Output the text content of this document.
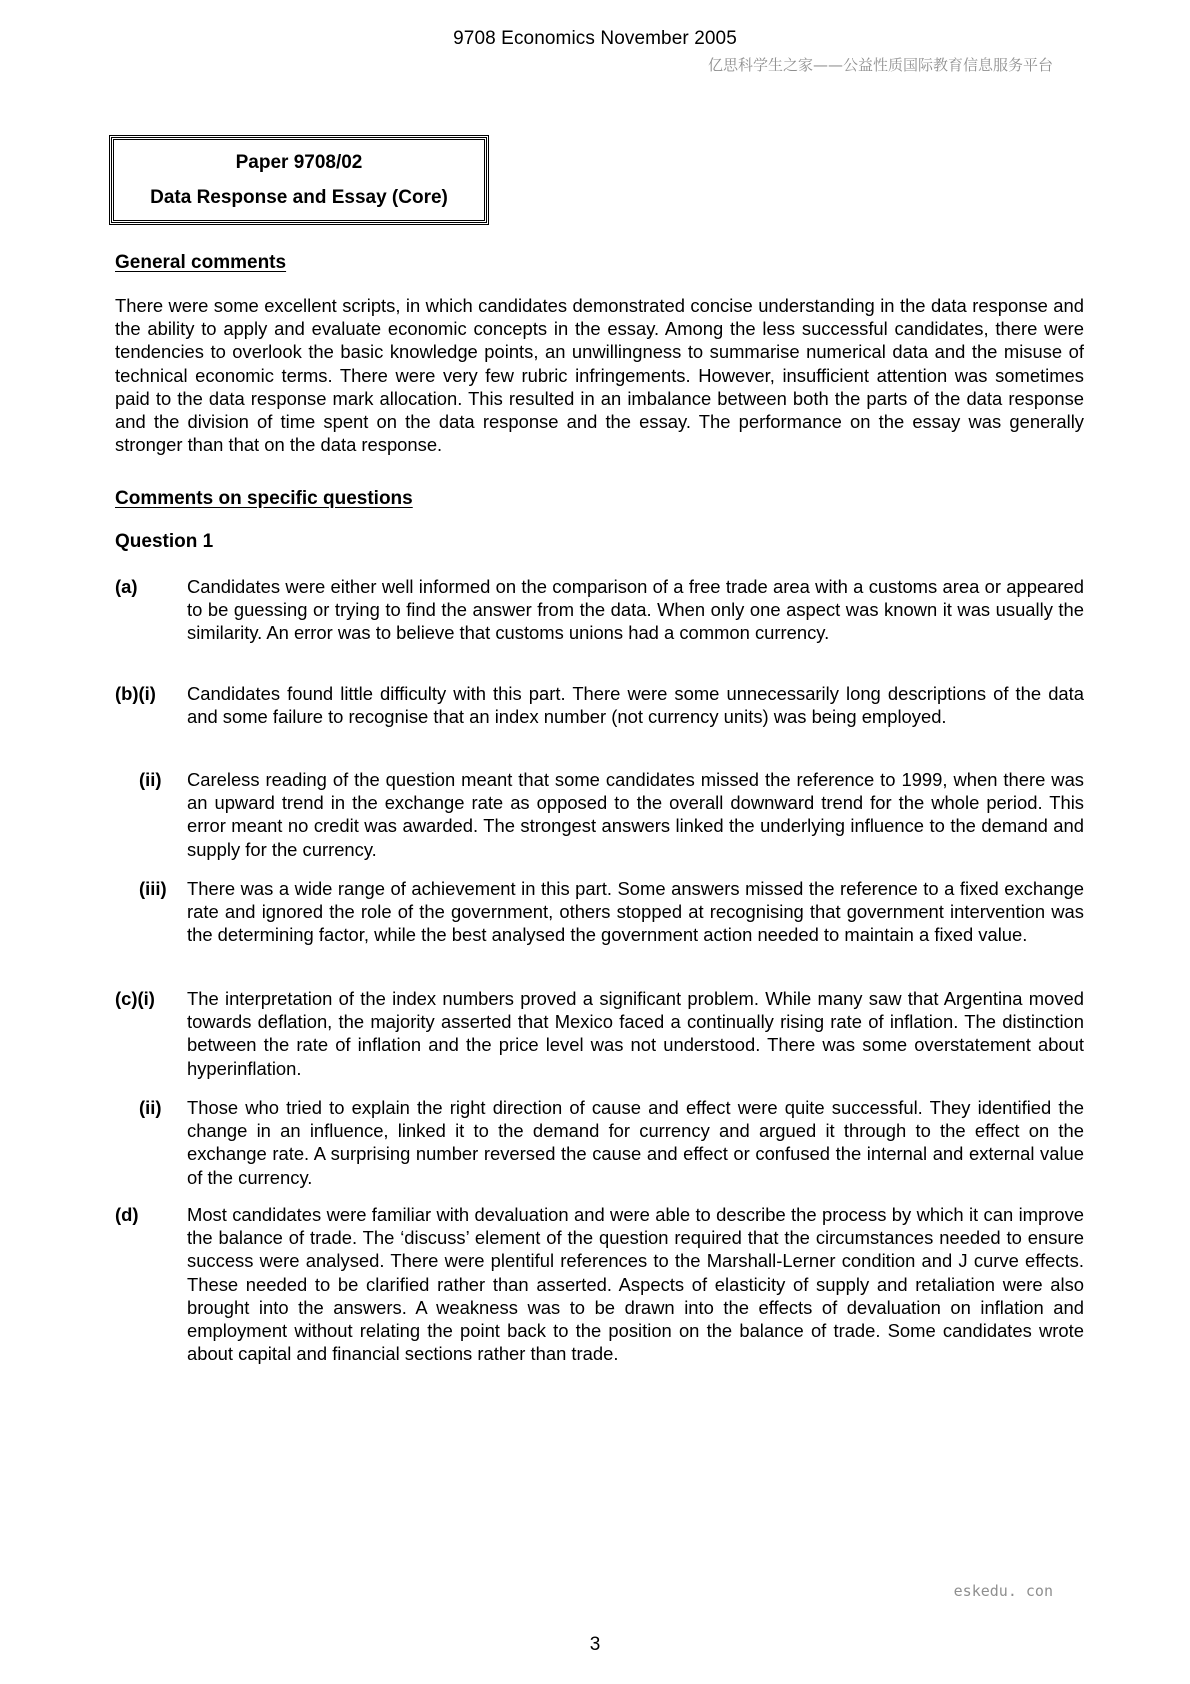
9708 Economics November 2005
亿思科学生之家——公益性质国际教育信息服务平台
Paper 9708/02
Data Response and Essay (Core)
General comments
There were some excellent scripts, in which candidates demonstrated concise understanding in the data response and the ability to apply and evaluate economic concepts in the essay. Among the less successful candidates, there were tendencies to overlook the basic knowledge points, an unwillingness to summarise numerical data and the misuse of technical economic terms. There were very few rubric infringements. However, insufficient attention was sometimes paid to the data response mark allocation. This resulted in an imbalance between both the parts of the data response and the division of time spent on the data response and the essay. The performance on the essay was generally stronger than that on the data response.
Comments on specific questions
Question 1
(a)	Candidates were either well informed on the comparison of a free trade area with a customs area or appeared to be guessing or trying to find the answer from the data. When only one aspect was known it was usually the similarity. An error was to believe that customs unions had a common currency.
(b)(i) Candidates found little difficulty with this part. There were some unnecessarily long descriptions of the data and some failure to recognise that an index number (not currency units) was being employed.
(ii) Careless reading of the question meant that some candidates missed the reference to 1999, when there was an upward trend in the exchange rate as opposed to the overall downward trend for the whole period. This error meant no credit was awarded. The strongest answers linked the underlying influence to the demand and supply for the currency.
(iii) There was a wide range of achievement in this part. Some answers missed the reference to a fixed exchange rate and ignored the role of the government, others stopped at recognising that government intervention was the determining factor, while the best analysed the government action needed to maintain a fixed value.
(c)(i) The interpretation of the index numbers proved a significant problem. While many saw that Argentina moved towards deflation, the majority asserted that Mexico faced a continually rising rate of inflation. The distinction between the rate of inflation and the price level was not understood. There was some overstatement about hyperinflation.
(ii) Those who tried to explain the right direction of cause and effect were quite successful. They identified the change in an influence, linked it to the demand for currency and argued it through to the effect on the exchange rate. A surprising number reversed the cause and effect or confused the internal and external value of the currency.
(d)	Most candidates were familiar with devaluation and were able to describe the process by which it can improve the balance of trade. The ‘discuss’ element of the question required that the circumstances needed to ensure success were analysed. There were plentiful references to the Marshall-Lerner condition and J curve effects. These needed to be clarified rather than asserted. Aspects of elasticity of supply and retaliation were also brought into the answers. A weakness was to be drawn into the effects of devaluation on inflation and employment without relating the point back to the position on the balance of trade. Some candidates wrote about capital and financial sections rather than trade.
eskedu. con
3
